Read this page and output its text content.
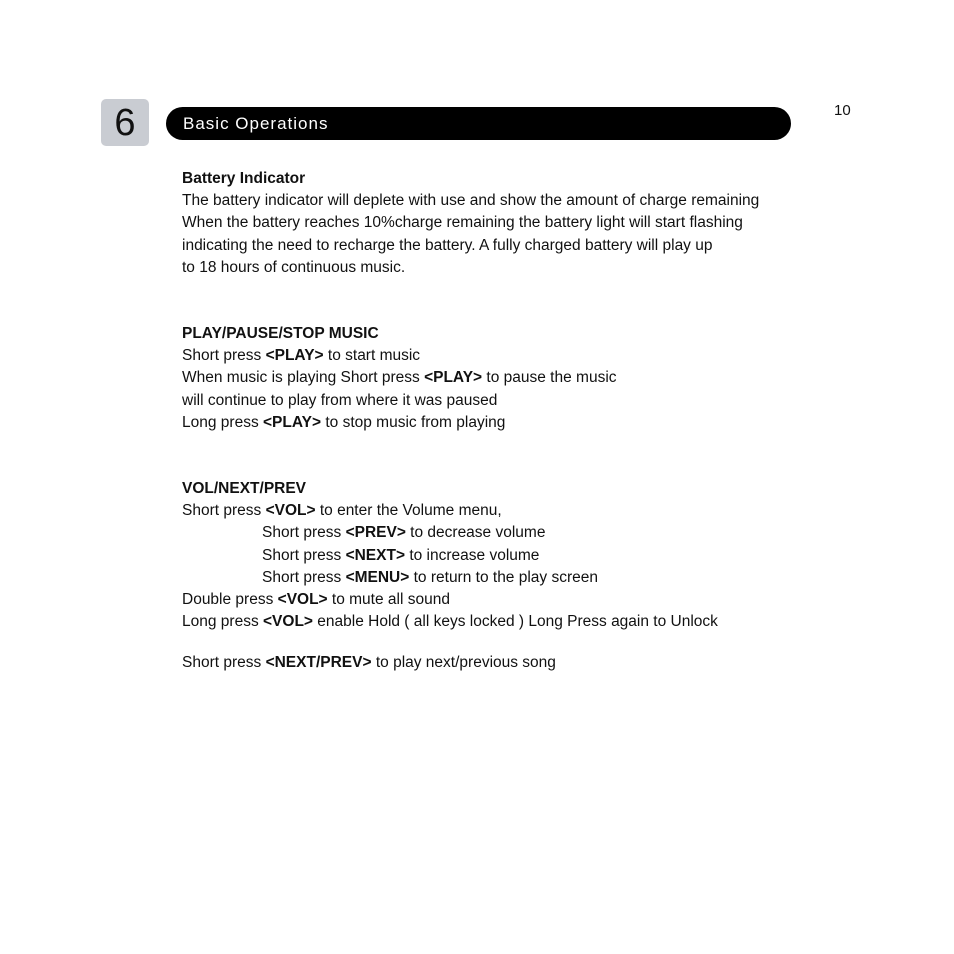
6	Basic Operations
10
Battery Indicator
The battery indicator will deplete with use and show the amount of charge remaining
When the battery reaches 10%charge remaining the battery light will start flashing
indicating the need to recharge the battery. A fully charged battery will play up
to 18 hours of continuous music.
PLAY/PAUSE/STOP MUSIC
Short press <PLAY> to start music
When music is playing Short press <PLAY> to pause the music
will continue to play from where it was paused
Long press <PLAY> to stop music from playing
VOL/NEXT/PREV
Short press <VOL> to enter the Volume menu,
Short press <PREV> to decrease volume
Short press <NEXT> to increase volume
Short press <MENU> to return to the play screen
Double press <VOL> to mute all sound
Long press <VOL> enable Hold ( all keys locked ) Long Press again to Unlock
Short press <NEXT/PREV> to play next/previous song
